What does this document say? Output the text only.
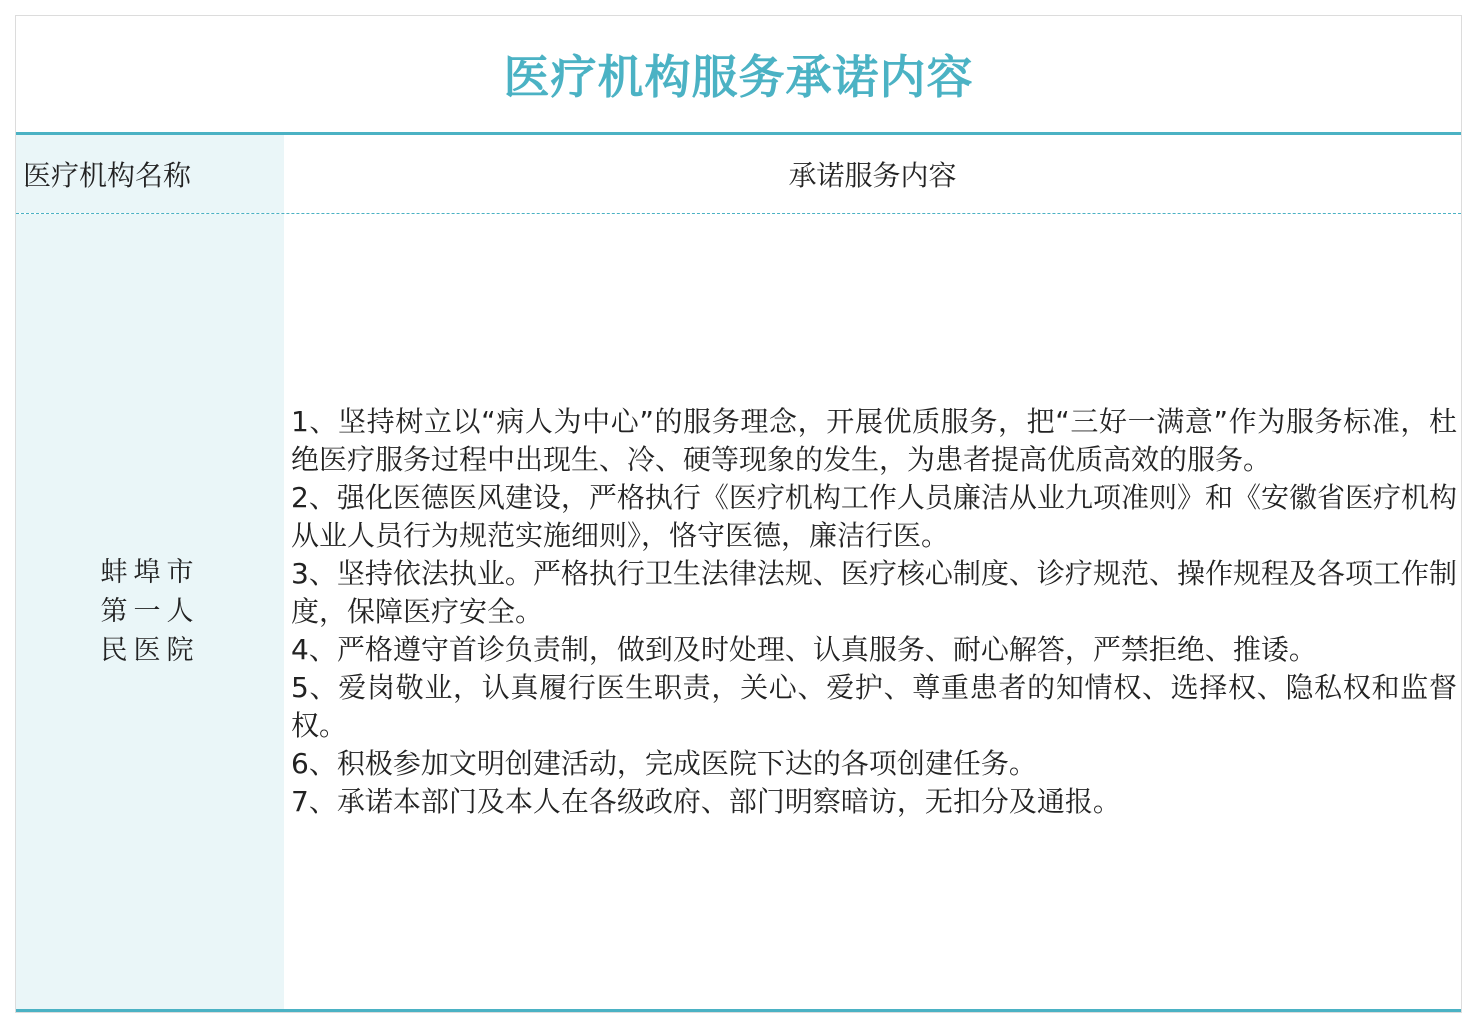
医疗机构服务承诺内容
医疗机构名称	承诺服务内容
蚌埠市第一人民医院
1、坚持树立以“病人为中心”的服务理念，开展优质服务，把“三好一满意”作为服务标准，杜绝医疗服务过程中出现生、冷、硬等现象的发生，为患者提高优质高效的服务。
2、强化医德医风建设，严格执行《医疗机构工作人员廉洁从业九项准则》和《安徽省医疗机构从业人员行为规范实施细则》，恪守医德，廉洁行医。
3、坚持依法执业。严格执行卫生法律法规、医疗核心制度、诊疗规范、操作规程及各项工作制度，保障医疗安全。
4、严格遵守首诊负责制，做到及时处理、认真服务、耐心解答，严禁拒绝、推诿。
5、爱岗敬业，认真履行医生职责，关心、爱护、尊重患者的知情权、选择权、隐私权和监督权。
6、积极参加文明创建活动，完成医院下达的各项创建任务。
7、承诺本部门及本人在各级政府、部门明察暗访，无扣分及通报。
